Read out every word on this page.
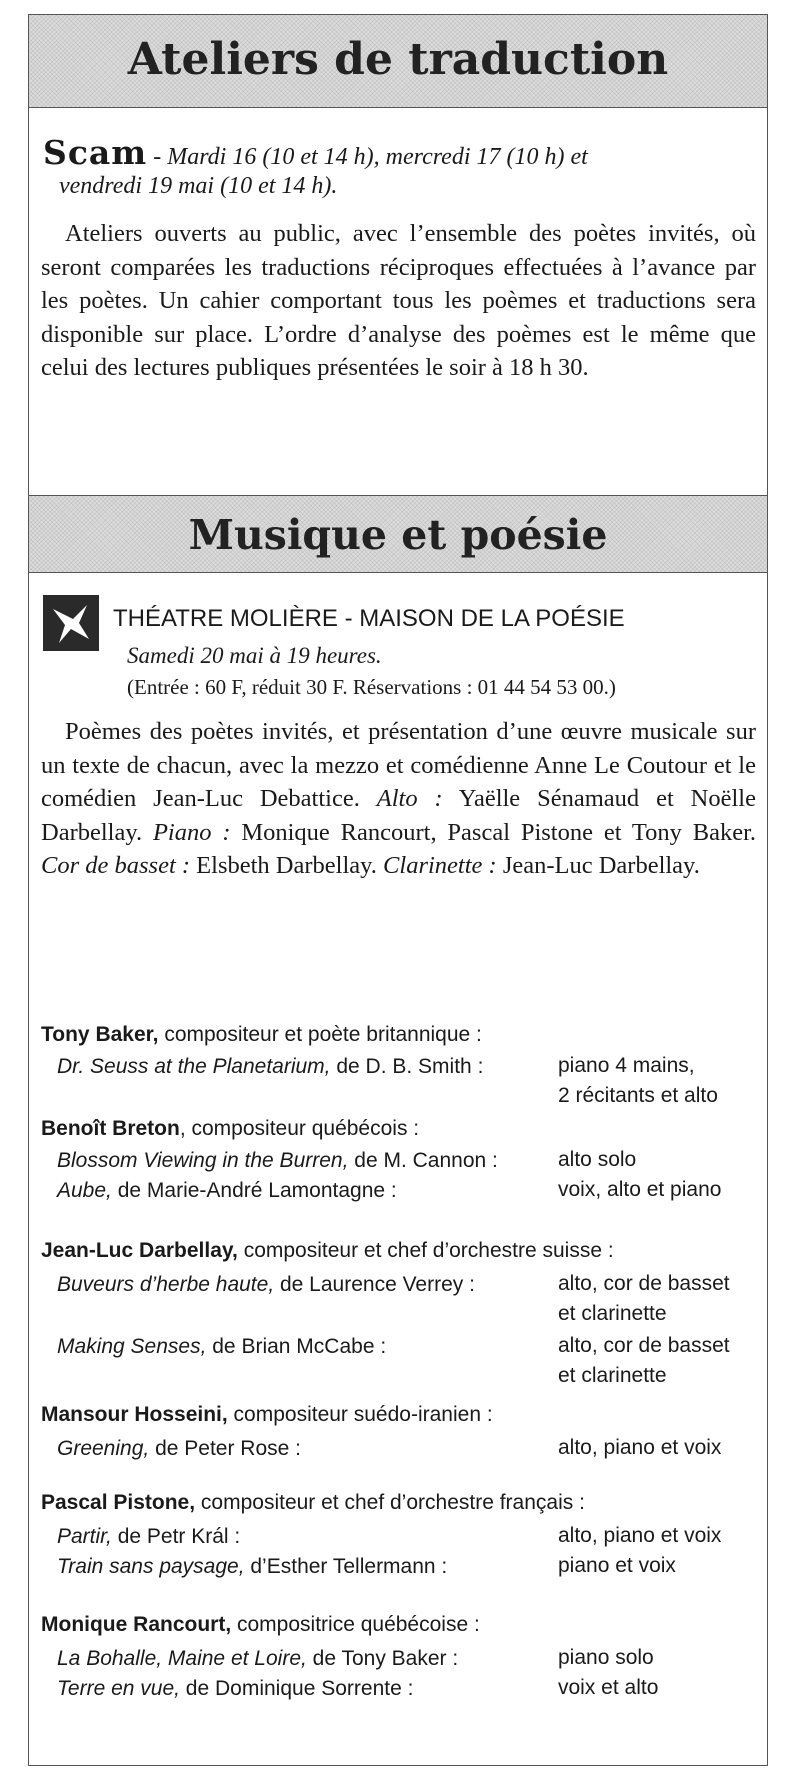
Ateliers de traduction
Scam - Mardi 16 (10 et 14 h), mercredi 17 (10 h) et
vendredi 19 mai (10 et 14 h).
Ateliers ouverts au public, avec l’ensemble des poètes invités, où seront comparées les traductions réciproques effectuées à l’avance par les poètes. Un cahier comportant tous les poèmes et traductions sera disponible sur place. L’ordre d’analyse des poèmes est le même que celui des lectures publiques présentées le soir à 18 h 30.
Musique et poésie
THÉATRE MOLIÈRE - MAISON DE LA POÉSIE
Samedi 20 mai à 19 heures.
(Entrée : 60 F, réduit 30 F. Réservations : 01 44 54 53 00.)
Poèmes des poètes invités, et présentation d’une œuvre musicale sur un texte de chacun, avec la mezzo et comédienne Anne Le Coutour et le comédien Jean-Luc Debattice. Alto : Yaëlle Sénamaud et Noëlle Darbellay. Piano : Monique Rancourt, Pascal Pistone et Tony Baker. Cor de basset : Elsbeth Darbellay. Clarinette : Jean-Luc Darbellay.
Tony Baker, compositeur et poète britannique :
Dr. Seuss at the Planetarium, de D. B. Smith :	piano 4 mains,
2 récitants et alto
Benoît Breton, compositeur québécois :
Blossom Viewing in the Burren, de M. Cannon :	alto solo
Aube, de Marie-André Lamontagne :	voix, alto et piano
Jean-Luc Darbellay, compositeur et chef d’orchestre suisse :
Buveurs d’herbe haute, de Laurence Verrey :	alto, cor de basset
et clarinette
Making Senses, de Brian McCabe :	alto, cor de basset
et clarinette
Mansour Hosseini, compositeur suédo-iranien :
Greening, de Peter Rose :	alto, piano et voix
Pascal Pistone, compositeur et chef d’orchestre français :
Partir, de Petr Král :	alto, piano et voix
Train sans paysage, d’Esther Tellermann :	piano et voix
Monique Rancourt, compositrice québécoise :
La Bohalle, Maine et Loire, de Tony Baker :	piano solo
Terre en vue, de Dominique Sorrente :	voix et alto
